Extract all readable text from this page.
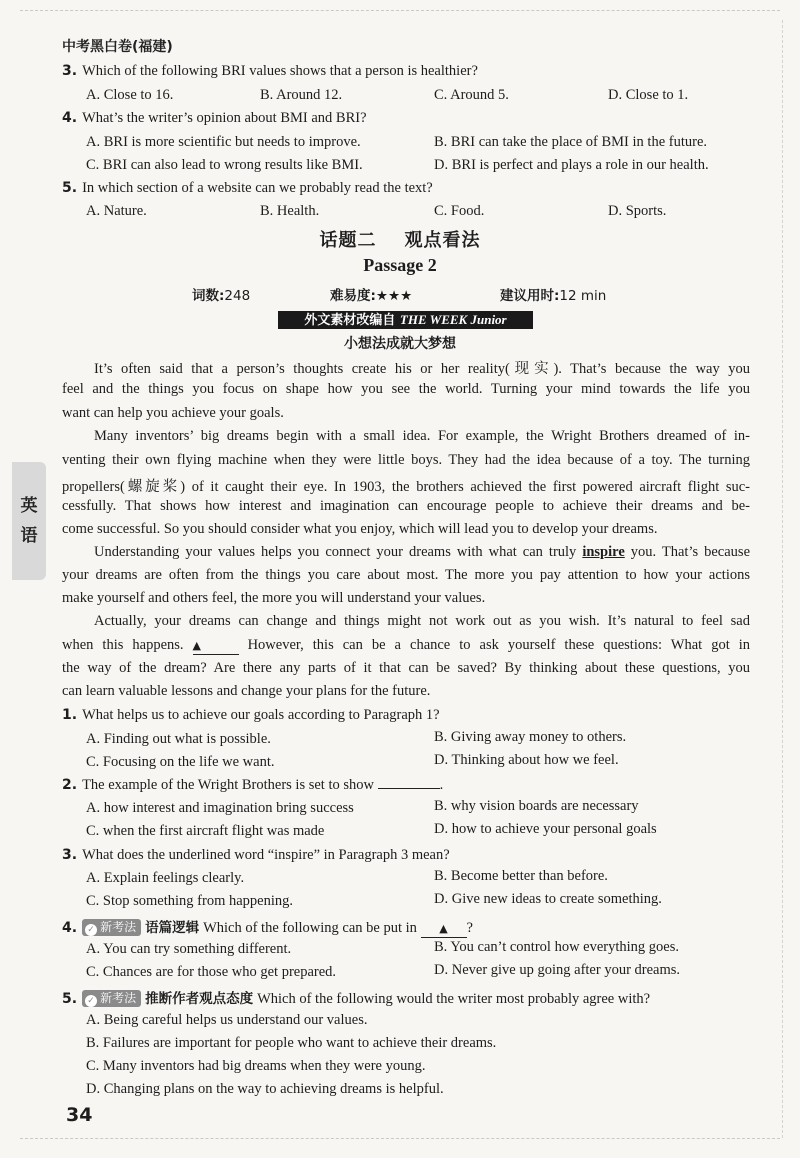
中考黑白卷(福建)
英
语
3. Which of the following BRI values shows that a person is healthier?
A. Close to 16.	B. Around 12.	C. Around 5.	D. Close to 1.
4. What’s the writer’s opinion about BMI and BRI?
A. BRI is more scientific but needs to improve.	B. BRI can take the place of BMI in the future.
C. BRI can also lead to wrong results like BMI.	D. BRI is perfect and plays a role in our health.
5. In which section of a website can we probably read the text?
A. Nature.	B. Health.	C. Food.	D. Sports.
话题二 观点看法
Passage 2
词数:248	难易度:★★★	建议用时:12 min
外文素材改编自 THE WEEK Junior
小想法成就大梦想
It’s often said that a person’s thoughts create his or her reality(现实). That’s because the way you
feel and the things you focus on shape how you see the world. Turning your mind towards the life you
want can help you achieve your goals.
Many inventors’ big dreams begin with a small idea. For example, the Wright Brothers dreamed of in-
venting their own flying machine when they were little boys. They had the idea because of a toy. The turning
propellers(螺旋桨) of it caught their eye. In 1903, the brothers achieved the first powered aircraft flight suc-
cessfully. That shows how interest and imagination can encourage people to achieve their dreams and be-
come successful. So you should consider what you enjoy, which will lead you to develop your dreams.
Understanding your values helps you connect your dreams with what can truly inspire you. That’s because
your dreams are often from the things you care about most. The more you pay attention to how your actions
make yourself and others feel, the more you will understand your values.
Actually, your dreams can change and things might not work out as you wish. It’s natural to feel sad
when this happens. ▲	However, this can be a chance to ask yourself these questions: What got in
the way of the dream? Are there any parts of it that can be saved? By thinking about these questions, you
can learn valuable lessons and change your plans for the future.
1. What helps us to achieve our goals according to Paragraph 1?
A. Finding out what is possible.	B. Giving away money to others.
C. Focusing on the life we want.	D. Thinking about how we feel.
2. The example of the Wright Brothers is set to show	.
A. how interest and imagination bring success	B. why vision boards are necessary
C. when the first aircraft flight was made	D. how to achieve your personal goals
3. What does the underlined word “inspire” in Paragraph 3 mean?
A. Explain feelings clearly.	B. Become better than before.
C. Stop something from happening.	D. Give new ideas to create something.
4. ✓ 新考法 语篇逻辑 Which of the following can be put in ▲ ?
A. You can try something different.	B. You can’t control how everything goes.
C. Chances are for those who get prepared.	D. Never give up going after your dreams.
5. ✓ 新考法 推断作者观点态度 Which of the following would the writer most probably agree with?
A. Being careful helps us understand our values.
B. Failures are important for people who want to achieve their dreams.
C. Many inventors had big dreams when they were young.
D. Changing plans on the way to achieving dreams is helpful.
34
